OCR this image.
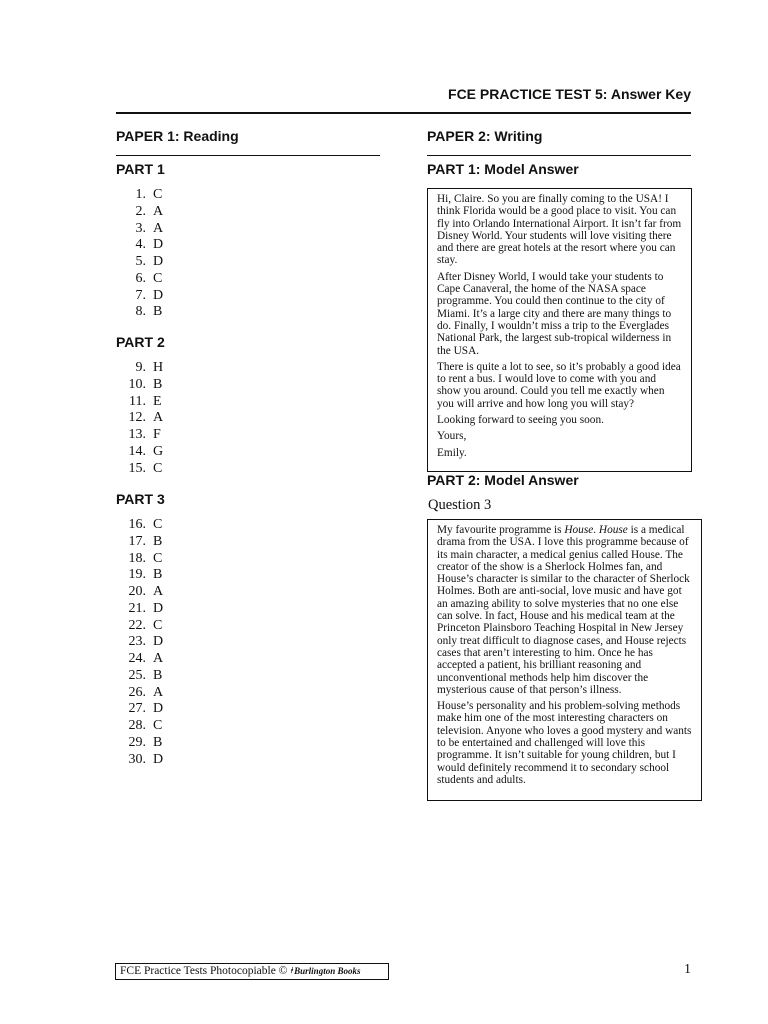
FCE PRACTICE TEST 5: Answer Key
PAPER 1: Reading
PART 1
1. C
2. A
3. A
4. D
5. D
6. C
7. D
8. B
PART 2
9. H
10. B
11. E
12. A
13. F
14. G
15. C
PART 3
16. C
17. B
18. C
19. B
20. A
21. D
22. C
23. D
24. A
25. B
26. A
27. D
28. C
29. B
30. D
PAPER 2: Writing
PART 1: Model Answer

Hi, Claire. So you are finally coming to the USA! I think Florida would be a good place to visit. You can fly into Orlando International Airport. It isn’t far from Disney World. Your students will love visiting there and there are great hotels at the resort where you can stay.

After Disney World, I would take your students to Cape Canaveral, the home of the NASA space programme. You could then continue to the city of Miami. It’s a large city and there are many things to do. Finally, I wouldn’t miss a trip to the Everglades National Park, the largest sub-tropical wilderness in the USA.

There is quite a lot to see, so it’s probably a good idea to rent a bus. I would love to come with you and show you around. Could you tell me exactly when you will arrive and how long you will stay?

Looking forward to seeing you soon.

Yours,

Emily.

PART 2: Model Answer
Question 3

My favourite programme is House. House is a medical drama from the USA. I love this programme because of its main character, a medical genius called House. The creator of the show is a Sherlock Holmes fan, and House’s character is similar to the character of Sherlock Holmes. Both are anti-social, love music and have got an amazing ability to solve mysteries that no one else can solve. In fact, House and his medical team at the Princeton Plainsboro Teaching Hospital in New Jersey only treat difficult to diagnose cases, and House rejects cases that aren’t interesting to him. Once he has accepted a patient, his brilliant reasoning and unconventional methods help him discover the mysterious cause of that person’s illness.

House’s personality and his problem-solving methods make him one of the most interesting characters on television. Anyone who loves a good mystery and wants to be entertained and challenged will love this programme. It isn’t suitable for young children, but I would definitely recommend it to secondary school students and adults.

FCE Practice Tests Photocopiable © 𝅦 Burlington Books	1
